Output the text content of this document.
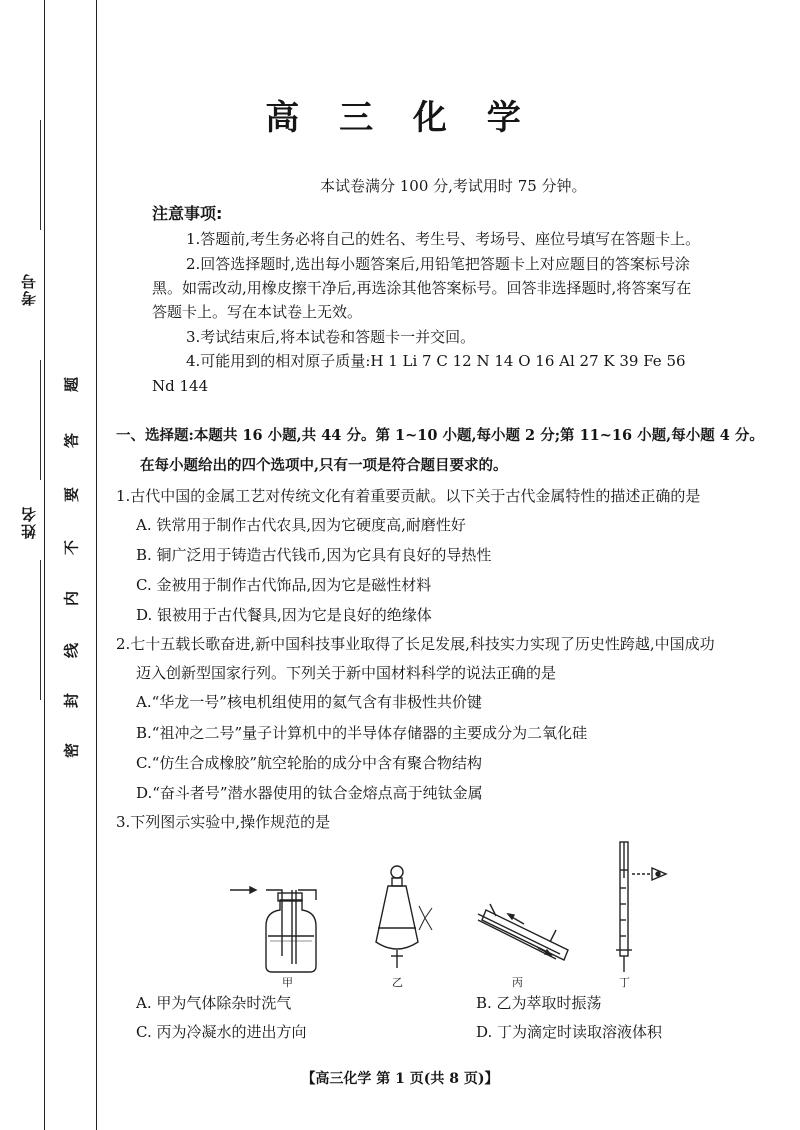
考号
姓名
题
答
要
不
内
线
封
密
高 三 化 学
本试卷满分 100 分,考试用时 75 分钟。
注意事项:
1.答题前,考生务必将自己的姓名、考生号、考场号、座位号填写在答题卡上。
2.回答选择题时,选出每小题答案后,用铅笔把答题卡上对应题目的答案标号涂
黑。如需改动,用橡皮擦干净后,再选涂其他答案标号。回答非选择题时,将答案写在
答题卡上。写在本试卷上无效。
3.考试结束后,将本试卷和答题卡一并交回。
4.可能用到的相对原子质量:H 1 Li 7 C 12 N 14 O 16 Al 27 K 39 Fe 56
Nd 144
一、选择题:本题共 16 小题,共 44 分。第 1~10 小题,每小题 2 分;第 11~16 小题,每小题 4 分。
在每小题给出的四个选项中,只有一项是符合题目要求的。
1.古代中国的金属工艺对传统文化有着重要贡献。以下关于古代金属特性的描述正确的是
A. 铁常用于制作古代农具,因为它硬度高,耐磨性好
B. 铜广泛用于铸造古代钱币,因为它具有良好的导热性
C. 金被用于制作古代饰品,因为它是磁性材料
D. 银被用于古代餐具,因为它是良好的绝缘体
2.七十五载长歌奋进,新中国科技事业取得了长足发展,科技实力实现了历史性跨越,中国成功
迈入创新型国家行列。下列关于新中国材料科学的说法正确的是
A.“华龙一号”核电机组使用的氦气含有非极性共价键
B.“祖冲之二号”量子计算机中的半导体存储器的主要成分为二氧化硅
C.“仿生合成橡胶”航空轮胎的成分中含有聚合物结构
D.“奋斗者号”潜水器使用的钛合金熔点高于纯钛金属
3.下列图示实验中,操作规范的是
甲	乙	丙	丁
A. 甲为气体除杂时洗气	B. 乙为萃取时振荡
C. 丙为冷凝水的进出方向	D. 丁为滴定时读取溶液体积
【高三化学 第 1 页(共 8 页)】
